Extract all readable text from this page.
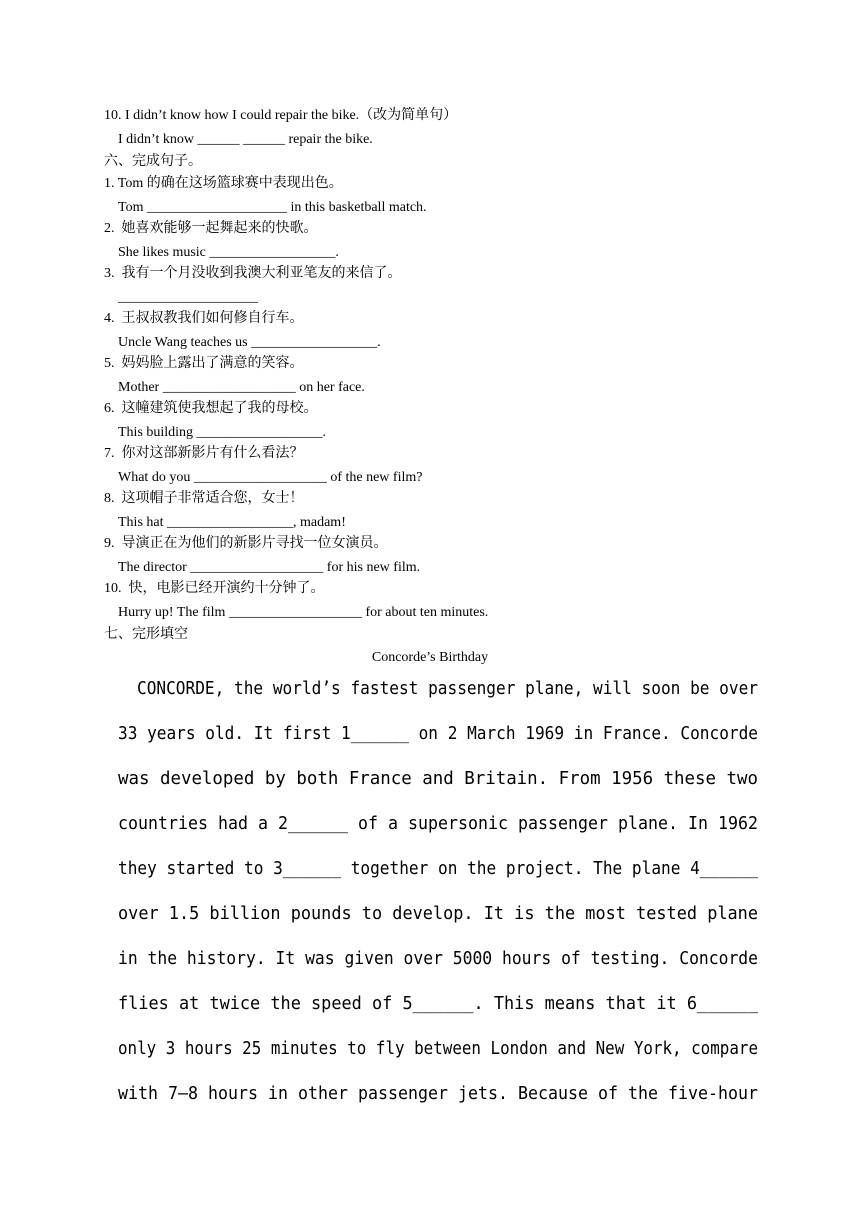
10. I didn’t know how I could repair the bike.（改为简单句）
I didn’t know ______ ______ repair the bike.
六、完成句子。
1. Tom 的确在这场篮球赛中表现出色。
Tom ____________________ in this basketball match.
2.  她喜欢能够一起舞起来的快歌。
She likes music __________________.
3.  我有一个月没收到我澳大利亚笔友的来信了。
____________________
4.  王叔叔教我们如何修自行车。
Uncle Wang teaches us __________________.
5.  妈妈脸上露出了满意的笑容。
Mother ___________________ on her face.
6.  这幢建筑使我想起了我的母校。
This building __________________.
7.  你对这部新影片有什么看法？
What do you ___________________ of the new film?
8.  这项帽子非常适合您，女士！
This hat __________________, madam!
9.  导演正在为他们的新影片寻找一位女演员。
The director ___________________ for his new film.
10.  快，电影已经开演约十分钟了。
Hurry up! The film ___________________ for about ten minutes.
七、完形填空
Concorde’s Birthday
CONCORDE, the world’s fastest passenger plane, will soon be over
33 years old. It first 1______ on 2 March 1969 in France. Concorde
was developed by both France and Britain. From 1956 these two
countries had a 2______ of a supersonic passenger plane. In 1962
they started to 3______ together on the project. The plane 4______
over 1.5 billion pounds to develop. It is the most tested plane
in the history. It was given over 5000 hours of testing. Concorde
flies at twice the speed of 5______. This means that it 6______
only 3 hours 25 minutes to fly between London and New York, compare
with 7—8 hours in other passenger jets. Because of the five-hour
